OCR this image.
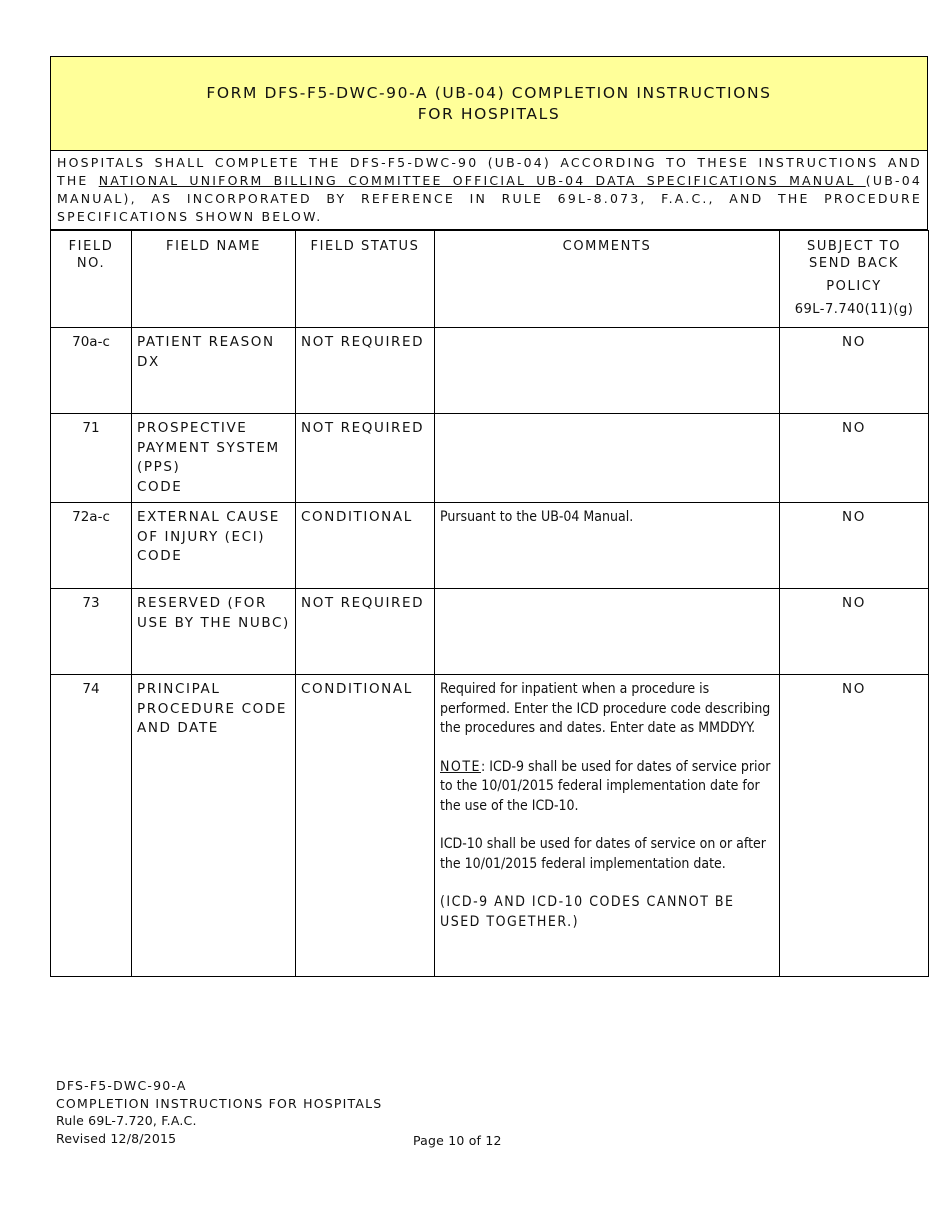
FORM DFS-F5-DWC-90-A (UB-04) COMPLETION INSTRUCTIONS
FOR HOSPITALS
HOSPITALS SHALL COMPLETE THE DFS-F5-DWC-90 (UB-04) ACCORDING TO THESE INSTRUCTIONS AND THE NATIONAL UNIFORM BILLING COMMITTEE OFFICIAL UB-04 DATA SPECIFICATIONS MANUAL (UB-04 MANUAL), AS INCORPORATED BY REFERENCE IN RULE 69L-8.073, F.A.C., AND THE PROCEDURE SPECIFICATIONS SHOWN BELOW.
FIELD NO.	FIELD NAME	FIELD STATUS	COMMENTS	SUBJECT TO SEND BACK
POLICY
69L-7.740(11)(g)

70a-c	PATIENT REASON DX	NOT REQUIRED		NO
71	PROSPECTIVE PAYMENT SYSTEM (PPS)
CODE	NOT REQUIRED		NO
72a-c	EXTERNAL CAUSE OF INJURY (ECI) CODE	CONDITIONAL	Pursuant to the UB-04 Manual.	NO
73	RESERVED (FOR USE BY THE NUBC)	NOT REQUIRED		NO
74	PRINCIPAL PROCEDURE CODE AND DATE	CONDITIONAL	Required for inpatient when a procedure is performed. Enter the ICD procedure code describing the procedures and dates. Enter date as MMDDYY.

NOTE: ICD-9 shall be used for dates of service prior to the 10/01/2015 federal implementation date for the use of the ICD-10.

ICD-10 shall be used for dates of service on or after the 10/01/2015 federal implementation date.

(ICD-9 AND ICD-10 CODES CANNOT BE USED TOGETHER.)	NO
DFS-F5-DWC-90-A
COMPLETION INSTRUCTIONS FOR HOSPITALS
Rule 69L-7.720, F.A.C.
Revised 12/8/2015	Page 10 of 12
